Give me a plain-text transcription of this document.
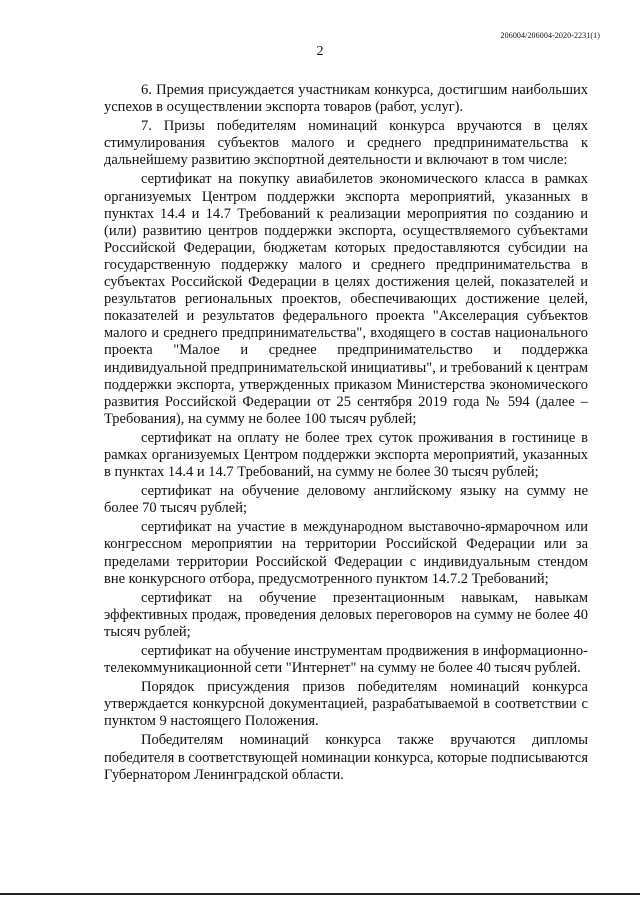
206004/206004-2020-2231(1)
2

6. Премия присуждается участникам конкурса, достигшим наибольших успехов в осуществлении экспорта товаров (работ, услуг).

7. Призы победителям номинаций конкурса вручаются в целях стимулирования субъектов малого и среднего предпринимательства к дальнейшему развитию экспортной деятельности и включают в том числе:

сертификат на покупку авиабилетов экономического класса в рамках организуемых Центром поддержки экспорта мероприятий, указанных в пунктах 14.4 и 14.7 Требований к реализации мероприятия по созданию и (или) развитию центров поддержки экспорта, осуществляемого субъектами Российской Федерации, бюджетам которых предоставляются субсидии на государственную поддержку малого и среднего предпринимательства в субъектах Российской Федерации в целях достижения целей, показателей и результатов региональных проектов, обеспечивающих достижение целей, показателей и результатов федерального проекта "Акселерация субъектов малого и среднего предпринимательства", входящего в состав национального проекта "Малое и среднее предпринимательство и поддержка индивидуальной предпринимательской инициативы", и требований к центрам поддержки экспорта, утвержденных приказом Министерства экономического развития Российской Федерации от 25 сентября 2019 года № 594 (далее – Требования), на сумму не более 100 тысяч рублей;

сертификат на оплату не более трех суток проживания в гостинице в рамках организуемых Центром поддержки экспорта мероприятий, указанных в пунктах 14.4 и 14.7 Требований, на сумму не более 30 тысяч рублей;

сертификат на обучение деловому английскому языку на сумму не более 70 тысяч рублей;

сертификат на участие в международном выставочно-ярмарочном или конгрессном мероприятии на территории Российской Федерации или за пределами территории Российской Федерации с индивидуальным стендом вне конкурсного отбора, предусмотренного пунктом 14.7.2 Требований;

сертификат на обучение презентационным навыкам, навыкам эффективных продаж, проведения деловых переговоров на сумму не более 40 тысяч рублей;

сертификат на обучение инструментам продвижения в информационно-телекоммуникационной сети "Интернет" на сумму не более 40 тысяч рублей.

Порядок присуждения призов победителям номинаций конкурса утверждается конкурсной документацией, разрабатываемой в соответствии с пунктом 9 настоящего Положения.

Победителям номинаций конкурса также вручаются дипломы победителя в соответствующей номинации конкурса, которые подписываются Губернатором Ленинградской области.
